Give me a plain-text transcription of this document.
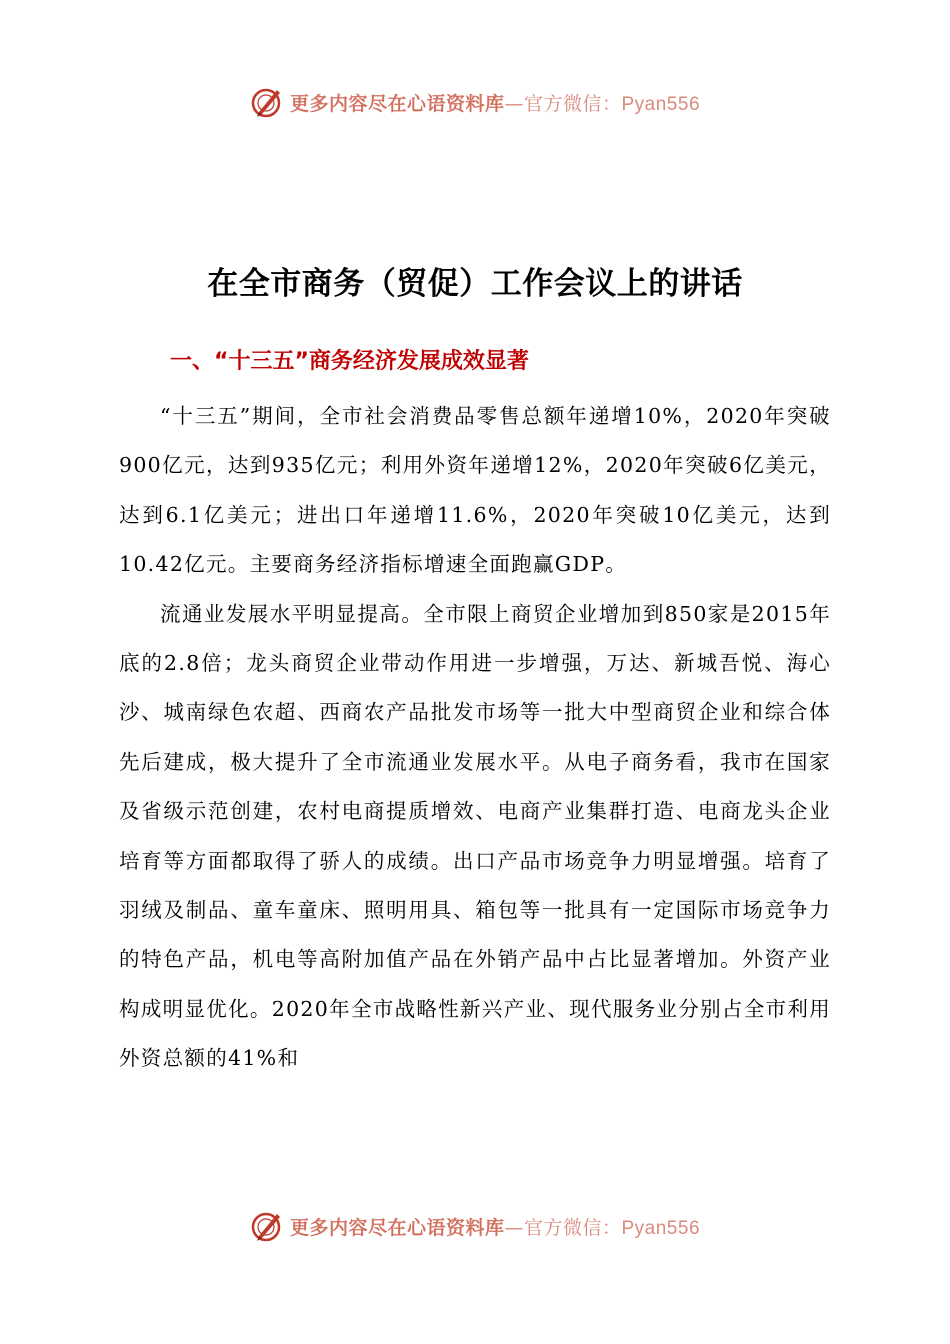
更多内容尽在心语资料库—官方微信：Pyan556
在全市商务（贸促）工作会议上的讲话
一、“十三五”商务经济发展成效显著

“十三五”期间，全市社会消费品零售总额年递增10%，2020年突破900亿元，达到935亿元；利用外资年递增12%，2020年突破6亿美元，达到6.1亿美元；进出口年递增11.6%，2020年突破10亿美元，达到10.42亿元。主要商务经济指标增速全面跑赢GDP。

流通业发展水平明显提高。全市限上商贸企业增加到850家是2015年底的2.8倍；龙头商贸企业带动作用进一步增强，万达、新城吾悦、海心沙、城南绿色农超、西商农产品批发市场等一批大中型商贸企业和综合体先后建成，极大提升了全市流通业发展水平。从电子商务看，我市在国家及省级示范创建，农村电商提质增效、电商产业集群打造、电商龙头企业培育等方面都取得了骄人的成绩。出口产品市场竞争力明显增强。培育了羽绒及制品、童车童床、照明用具、箱包等一批具有一定国际市场竞争力的特色产品，机电等高附加值产品在外销产品中占比显著增加。外资产业构成明显优化。2020年全市战略性新兴产业、现代服务业分别占全市利用外资总额的41%和

更多内容尽在心语资料库—官方微信：Pyan556
